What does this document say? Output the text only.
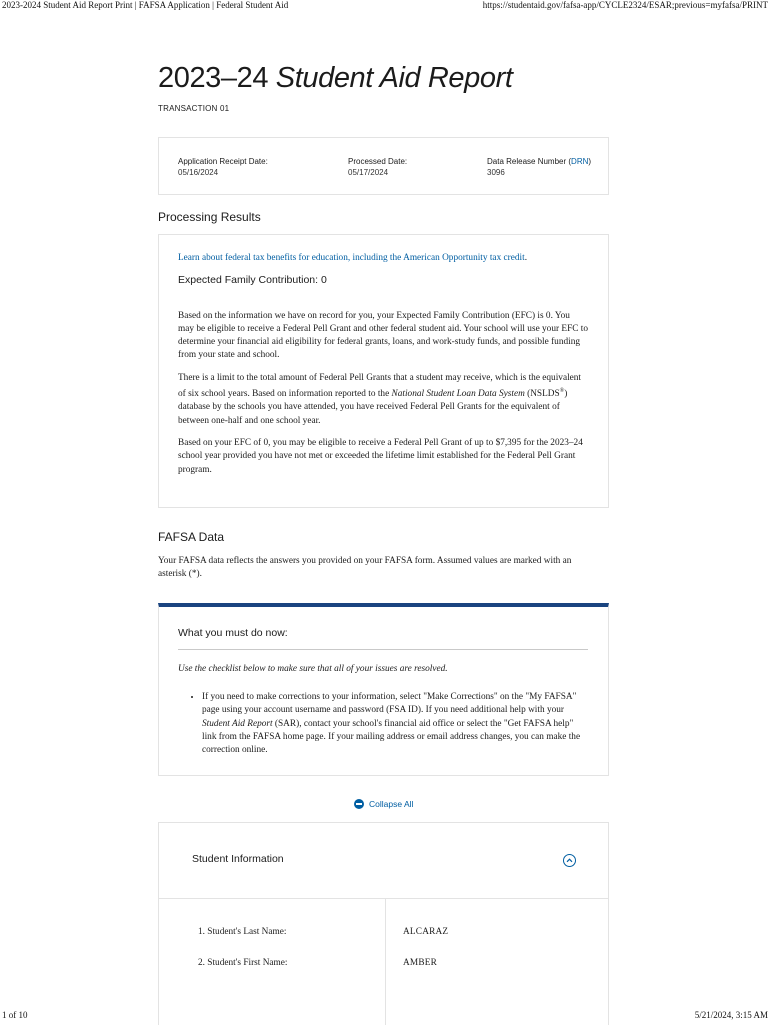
2023-2024 Student Aid Report Print | FAFSA Application | Federal Student Aid	https://studentaid.gov/fafsa-app/CYCLE2324/ESAR;previous=myfafsa/PRINT
2023–24 Student Aid Report
TRANSACTION 01
Application Receipt Date:
05/16/2024
Processed Date:
05/17/2024
Data Release Number (DRN)
3096
Processing Results

Learn about federal tax benefits for education, including the American Opportunity tax credit.

Expected Family Contribution: 0

Based on the information we have on record for you, your Expected Family Contribution (EFC) is 0. You may be eligible to receive a Federal Pell Grant and other federal student aid. Your school will use your EFC to determine your financial aid eligibility for federal grants, loans, and work-study funds, and possible funding from your state and school.

There is a limit to the total amount of Federal Pell Grants that a student may receive, which is the equivalent of six school years. Based on information reported to the National Student Loan Data System (NSLDS®) database by the schools you have attended, you have received Federal Pell Grants for the equivalent of between one-half and one school year.

Based on your EFC of 0, you may be eligible to receive a Federal Pell Grant of up to $7,395 for the 2023–24 school year provided you have not met or exceeded the lifetime limit established for the Federal Pell Grant program.

FAFSA Data

Your FAFSA data reflects the answers you provided on your FAFSA form. Assumed values are marked with an asterisk (*).

What you must do now:

Use the checklist below to make sure that all of your issues are resolved.

• If you need to make corrections to your information, select "Make Corrections" on the "My FAFSA" page using your account username and password (FSA ID). If you need additional help with your Student Aid Report (SAR), contact your school's financial aid office or select the "Get FAFSA help" link from the FAFSA home page. If your mailing address or email address changes, you can make the correction online.
Collapse All

Student Information

1. Student's Last Name:	ALCARAZ
2. Student's First Name:	AMBER
1 of 10	5/21/2024, 3:15 AM
